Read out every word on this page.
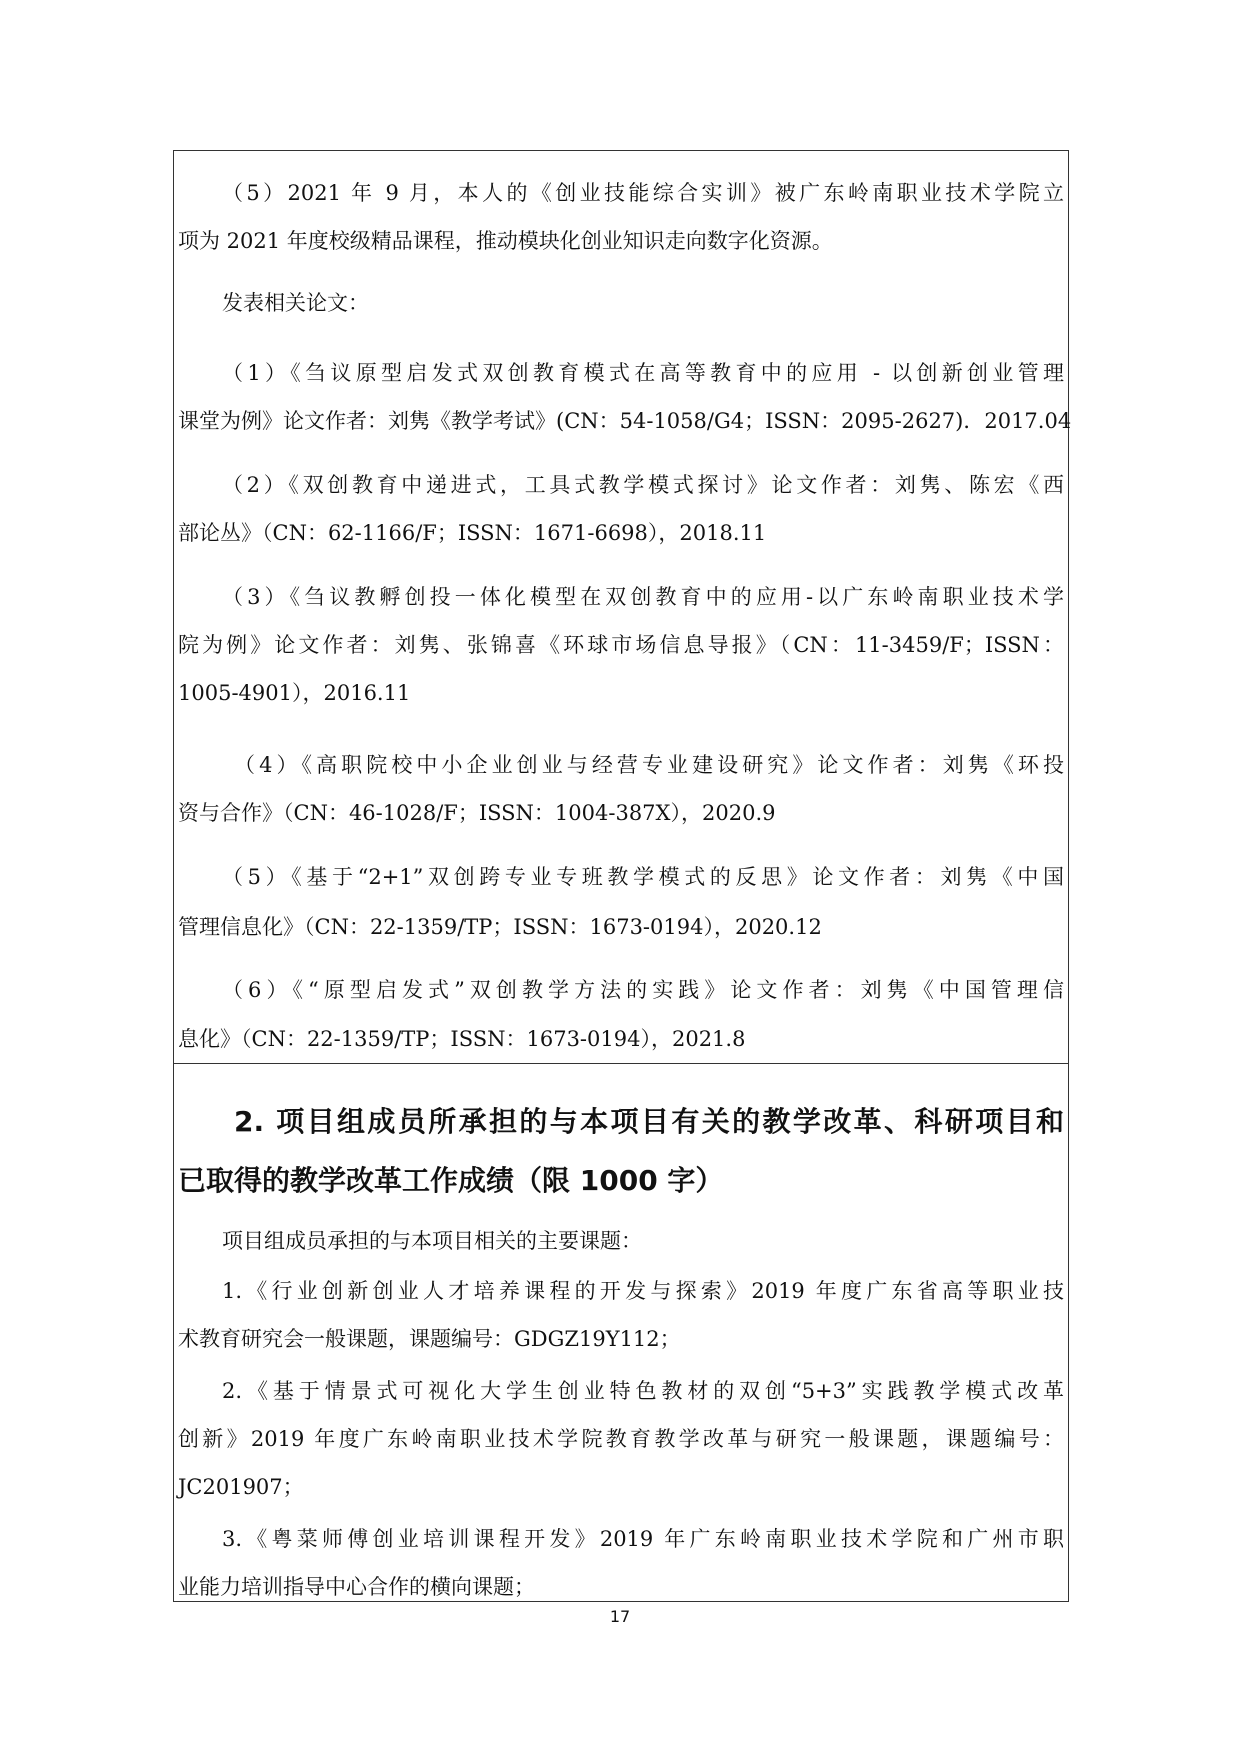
（5）2021 年 9 月，本人的《创业技能综合实训》被广东岭南职业技术学院立

项为 2021 年度校级精品课程，推动模块化创业知识走向数字化资源。

发表相关论文：

（1）《刍议原型启发式双创教育模式在高等教育中的应用 - 以创新创业管理

课堂为例》论文作者：刘隽《教学考试》(CN：54-1058/G4；ISSN：2095-2627)．2017.04

（2）《双创教育中递进式，工具式教学模式探讨》论文作者：刘隽、陈宏《西

部论丛》（CN：62-1166/F；ISSN：1671-6698），2018.11

（3）《刍议教孵创投一体化模型在双创教育中的应用-以广东岭南职业技术学

院为例》论文作者：刘隽、张锦喜《环球市场信息导报》（CN：11-3459/F；ISSN：

1005-4901），2016.11

（4）《高职院校中小企业创业与经营专业建设研究》论文作者：刘隽《环投

资与合作》（CN：46-1028/F；ISSN：1004-387X），2020.9

（5）《基于“2+1”双创跨专业专班教学模式的反思》论文作者：刘隽《中国

管理信息化》（CN：22-1359/TP；ISSN：1673-0194），2020.12

（6）《“原型启发式”双创教学方法的实践》论文作者：刘隽《中国管理信

息化》（CN：22-1359/TP；ISSN：1673-0194），2021.8

2. 项目组成员所承担的与本项目有关的教学改革、科研项目和

已取得的教学改革工作成绩（限 1000 字）

项目组成员承担的与本项目相关的主要课题：

1.《行业创新创业人才培养课程的开发与探索》2019 年度广东省高等职业技

术教育研究会一般课题，课题编号：GDGZ19Y112；

2.《基于情景式可视化大学生创业特色教材的双创“5+3”实践教学模式改革

创新》2019 年度广东岭南职业技术学院教育教学改革与研究一般课题，课题编号：

JC201907；

3.《粤菜师傅创业培训课程开发》2019 年广东岭南职业技术学院和广州市职

业能力培训指导中心合作的横向课题；

17
